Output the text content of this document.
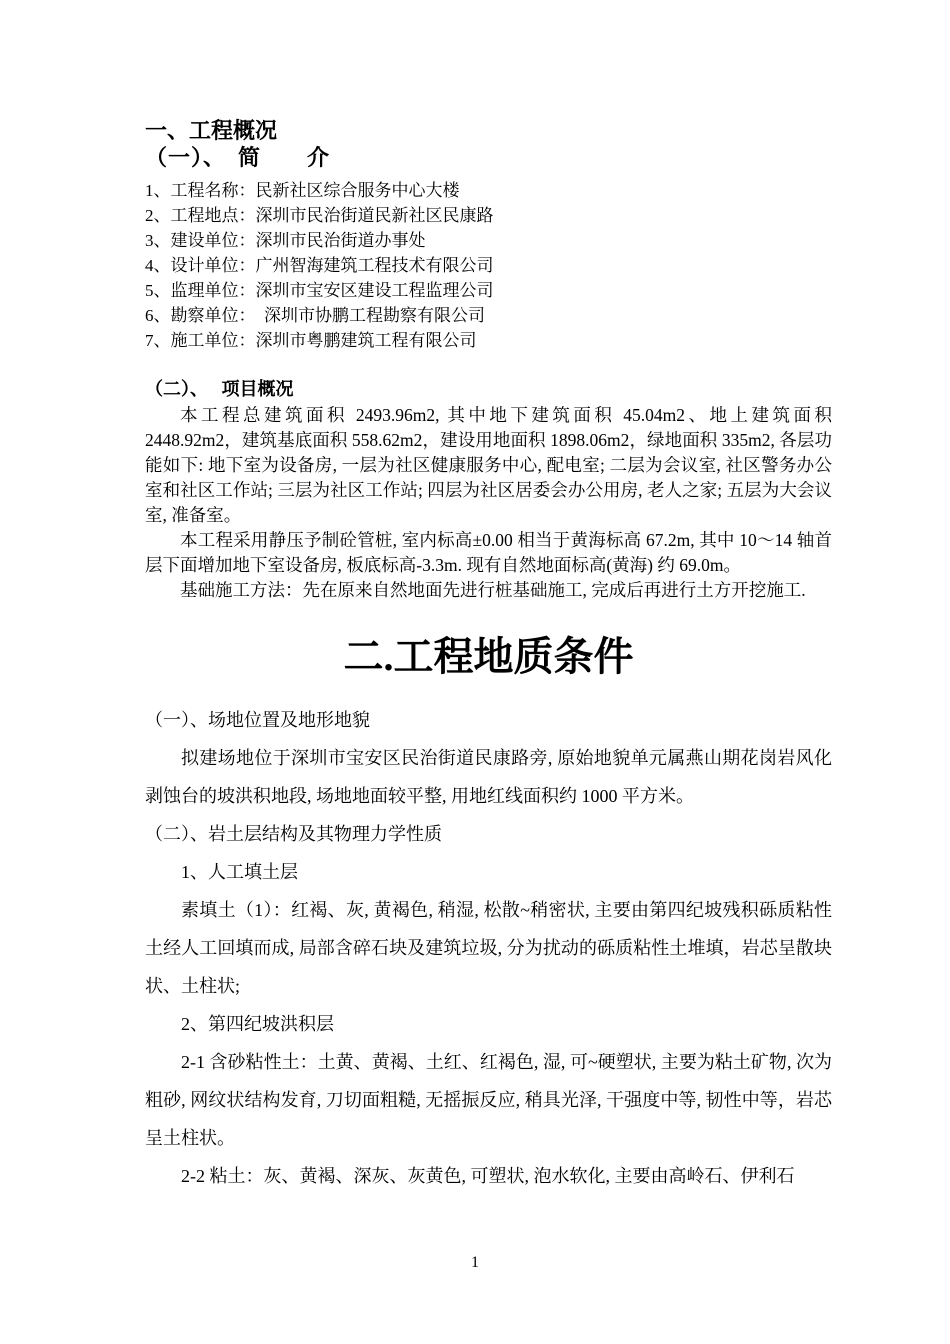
一、工程概况
（一）、　简　　介

1、工程名称：民新社区综合服务中心大楼

2、工程地点：深圳市民治街道民新社区民康路

3、建设单位：深圳市民治街道办事处

4、设计单位：广州智海建筑工程技术有限公司

5、监理单位：深圳市宝安区建设工程监理公司

6、勘察单位：　深圳市协鹏工程勘察有限公司

7、施工单位：深圳市粤鹏建筑工程有限公司

（二）、　 项目概况

本工程总建筑面积 2493.96m2, 其中地下建筑面积 45.04m2、地上建筑面积 2448.92m2，建筑基底面积 558.62m2，建设用地面积 1898.06m2，绿地面积 335m2, 各层功能如下: 地下室为设备房, 一层为社区健康服务中心, 配电室; 二层为会议室, 社区警务办公室和社区工作站; 三层为社区工作站; 四层为社区居委会办公用房, 老人之家; 五层为大会议室, 准备室。

本工程采用静压予制砼管桩, 室内标高±0.00 相当于黄海标高 67.2m, 其中 10～14 轴首层下面增加地下室设备房, 板底标高-3.3m. 现有自然地面标高(黄海) 约 69.0m。

基础施工方法：先在原来自然地面先进行桩基础施工, 完成后再进行土方开挖施工.

二.工程地质条件

（一）、场地位置及地形地貌

拟建场地位于深圳市宝安区民治街道民康路旁, 原始地貌单元属燕山期花岗岩风化剥蚀台的坡洪积地段, 场地地面较平整, 用地红线面积约 1000 平方米。

（二）、岩土层结构及其物理力学性质

1、人工填土层

素填土（1）：红褐、灰, 黄褐色, 稍湿, 松散~稍密状, 主要由第四纪坡残积砾质粘性土经人工回填而成, 局部含碎石块及建筑垃圾, 分为扰动的砾质粘性土堆填，岩芯呈散块状、土柱状;

2、第四纪坡洪积层

2-1 含砂粘性土：土黄、黄褐、土红、红褐色, 湿, 可~硬塑状, 主要为粘土矿物, 次为粗砂, 网纹状结构发育, 刀切面粗糙, 无摇振反应, 稍具光泽, 干强度中等, 韧性中等，岩芯呈土柱状。

2-2 粘土：灰、黄褐、深灰、灰黄色, 可塑状, 泡水软化, 主要由高岭石、伊利石

1
